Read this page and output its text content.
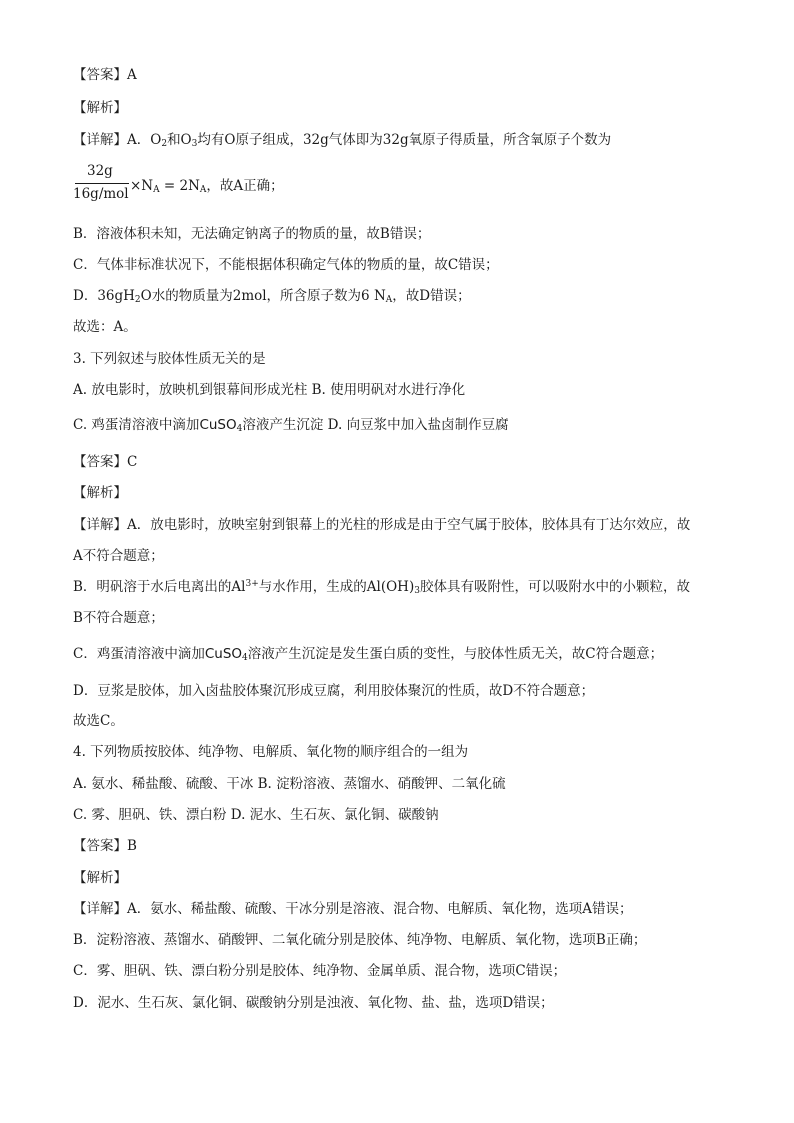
【答案】A
【解析】
【详解】A．$O_2$和$O_3$均有O原子组成，32g气体即为32g氧原子得质量，所含氧原子个数为
32g
$16g/mol \times N_A = 2N_A$，故A正确；
B．溶液体积未知，无法确定钠离子的物质的量，故B错误；
C．气体非标准状况下，不能根据体积确定气体的物质的量，故C错误；
D．$36gH_2O$水的物质量为2mol，所含原子数为6 $N_A$，故D错误；
故选：A。
3. 下列叙述与胶体性质无关的是
A. 放电影时，放映机到银幕间形成光柱 B. 使用明矾对水进行净化
C. 鸡蛋清溶液中滴加CuSO$_4$溶液产生沉淀 D. 向豆浆中加入盐卤制作豆腐
【答案】C
【解析】
【详解】A．放电影时，放映室射到银幕上的光柱的形成是由于空气属于胶体，胶体具有丁达尔效应，故
A不符合题意；
B．明矾溶于水后电离出的$Al^{3+}$与水作用，生成的$Al(OH)_3$胶体具有吸附性，可以吸附水中的小颗粒，故
B不符合题意；
C．鸡蛋清溶液中滴加CuSO$_4$溶液产生沉淀是发生蛋白质的变性，与胶体性质无关，故C符合题意；
D．豆浆是胶体，加入卤盐胶体聚沉形成豆腐，利用胶体聚沉的性质，故D不符合题意；
故选C。
4. 下列物质按胶体、纯净物、电解质、氧化物的顺序组合的一组为
A. 氨水、稀盐酸、硫酸、干冰 B. 淀粉溶液、蒸馏水、硝酸钾、二氧化硫
C. 雾、胆矾、铁、漂白粉 D. 泥水、生石灰、氯化铜、碳酸钠
【答案】B
【解析】
【详解】A．氨水、稀盐酸、硫酸、干冰分别是溶液、混合物、电解质、氧化物，选项A错误；
B．淀粉溶液、蒸馏水、硝酸钾、二氧化硫分别是胶体、纯净物、电解质、氧化物，选项B正确；
C．雾、胆矾、铁、漂白粉分别是胶体、纯净物、金属单质、混合物，选项C错误；
D．泥水、生石灰、氯化铜、碳酸钠分别是浊液、氧化物、盐、盐，选项D错误；
